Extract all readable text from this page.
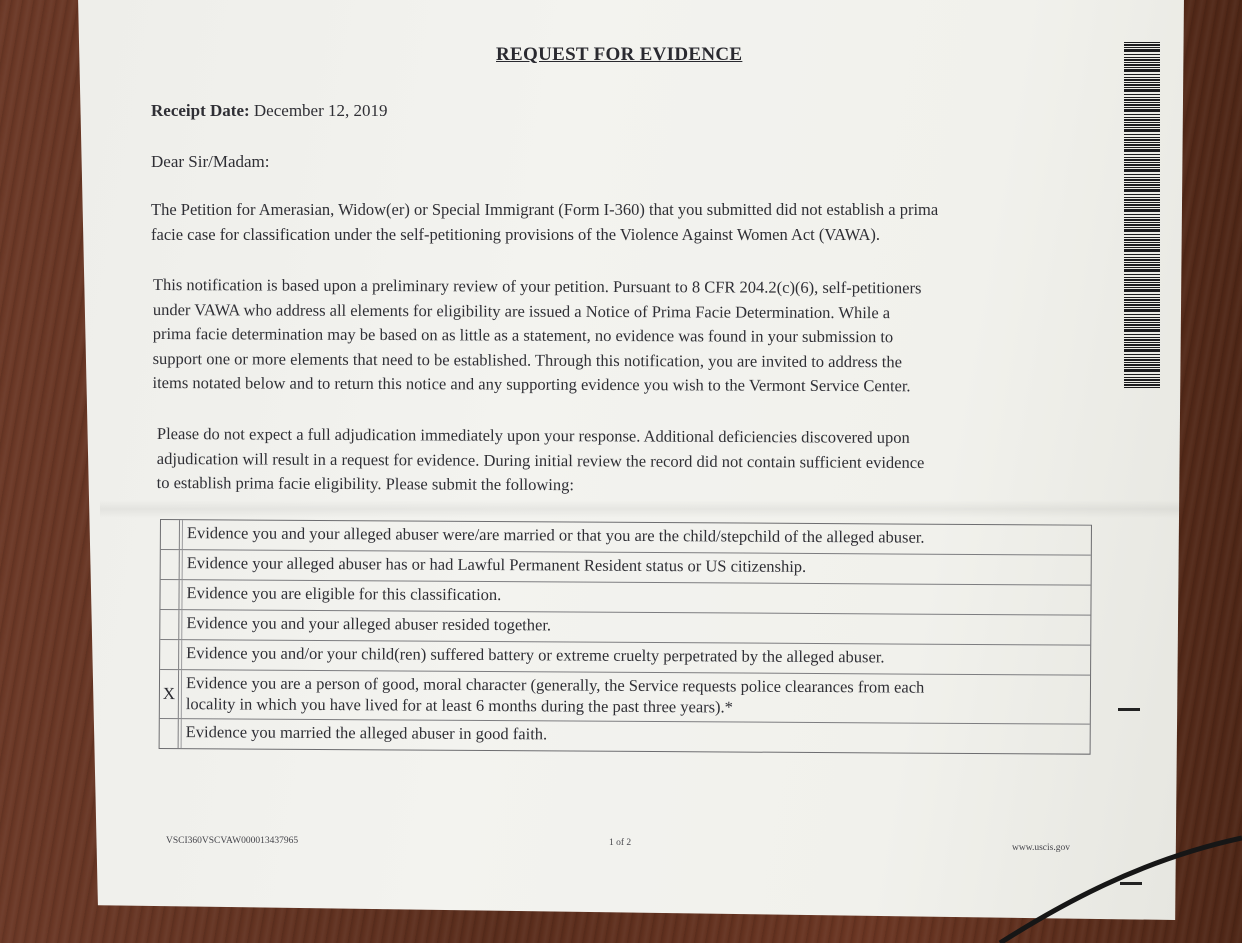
REQUEST FOR EVIDENCE
Receipt Date: December 12, 2019
Dear Sir/Madam:
The Petition for Amerasian, Widow(er) or Special Immigrant (Form I-360) that you submitted did not establish a prima
facie case for classification under the self-petitioning provisions of the Violence Against Women Act (VAWA).
This notification is based upon a preliminary review of your petition. Pursuant to 8 CFR 204.2(c)(6), self-petitioners
under VAWA who address all elements for eligibility are issued a Notice of Prima Facie Determination. While a
prima facie determination may be based on as little as a statement, no evidence was found in your submission to
support one or more elements that need to be established. Through this notification, you are invited to address the
items notated below and to return this notice and any supporting evidence you wish to the Vermont Service Center.
Please do not expect a full adjudication immediately upon your response. Additional deficiencies discovered upon
adjudication will result in a request for evidence. During initial review the record did not contain sufficient evidence
to establish prima facie eligibility. Please submit the following:
Evidence you and your alleged abuser were/are married or that you are the child/stepchild of the alleged abuser.
Evidence your alleged abuser has or had Lawful Permanent Resident status or US citizenship.
Evidence you are eligible for this classification.
Evidence you and your alleged abuser resided together.
Evidence you and/or your child(ren) suffered battery or extreme cruelty perpetrated by the alleged abuser.
X Evidence you are a person of good, moral character (generally, the Service requests police clearances from each
locality in which you have lived for at least 6 months during the past three years).*
Evidence you married the alleged abuser in good faith.
VSCI360VSCVAW000013437965	1 of 2	www.uscis.gov
